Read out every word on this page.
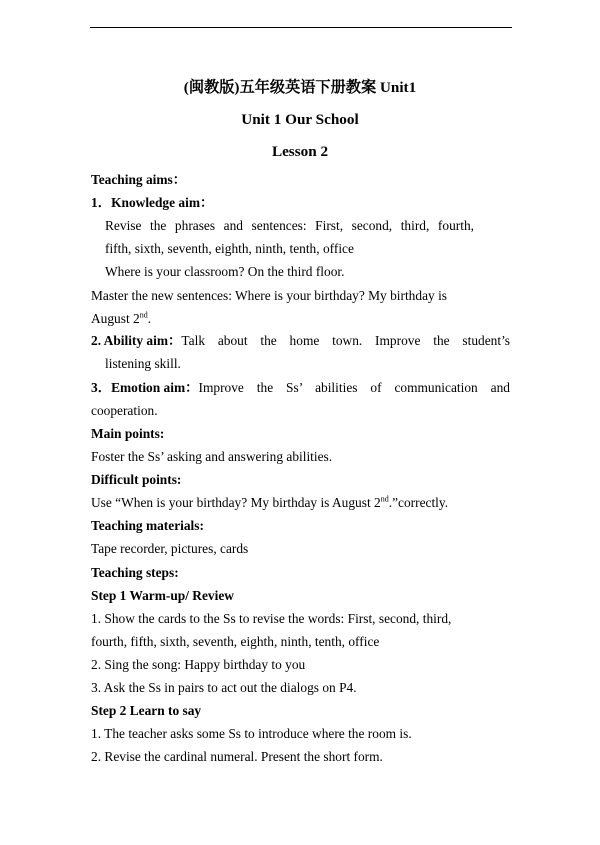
(闽教版)五年级英语下册教案 Unit1
Unit 1 Our School
Lesson 2
Teaching aims：
1．Knowledge aim：
Revise the phrases and sentences: First, second, third, fourth,
fifth, sixth, seventh, eighth, ninth, tenth, office
Where is your classroom? On the third floor.
Master the new sentences: Where is your birthday? My birthday is
August 2nd.
2. Ability aim： Talk about the home town. Improve the student’s
listening skill.
3．Emotion aim： Improve the Ss’ abilities of communication and
cooperation.
Main points:
Foster the Ss’ asking and answering abilities.
Difficult points:
Use “When is your birthday? My birthday is August 2nd.”correctly.
Teaching materials:
Tape recorder, pictures, cards
Teaching steps:
Step 1 Warm-up/ Review
1. Show the cards to the Ss to revise the words: First, second, third,
fourth, fifth, sixth, seventh, eighth, ninth, tenth, office
2. Sing the song: Happy birthday to you
3. Ask the Ss in pairs to act out the dialogs on P4.
Step 2 Learn to say
1. The teacher asks some Ss to introduce where the room is.
2. Revise the cardinal numeral. Present the short form.
